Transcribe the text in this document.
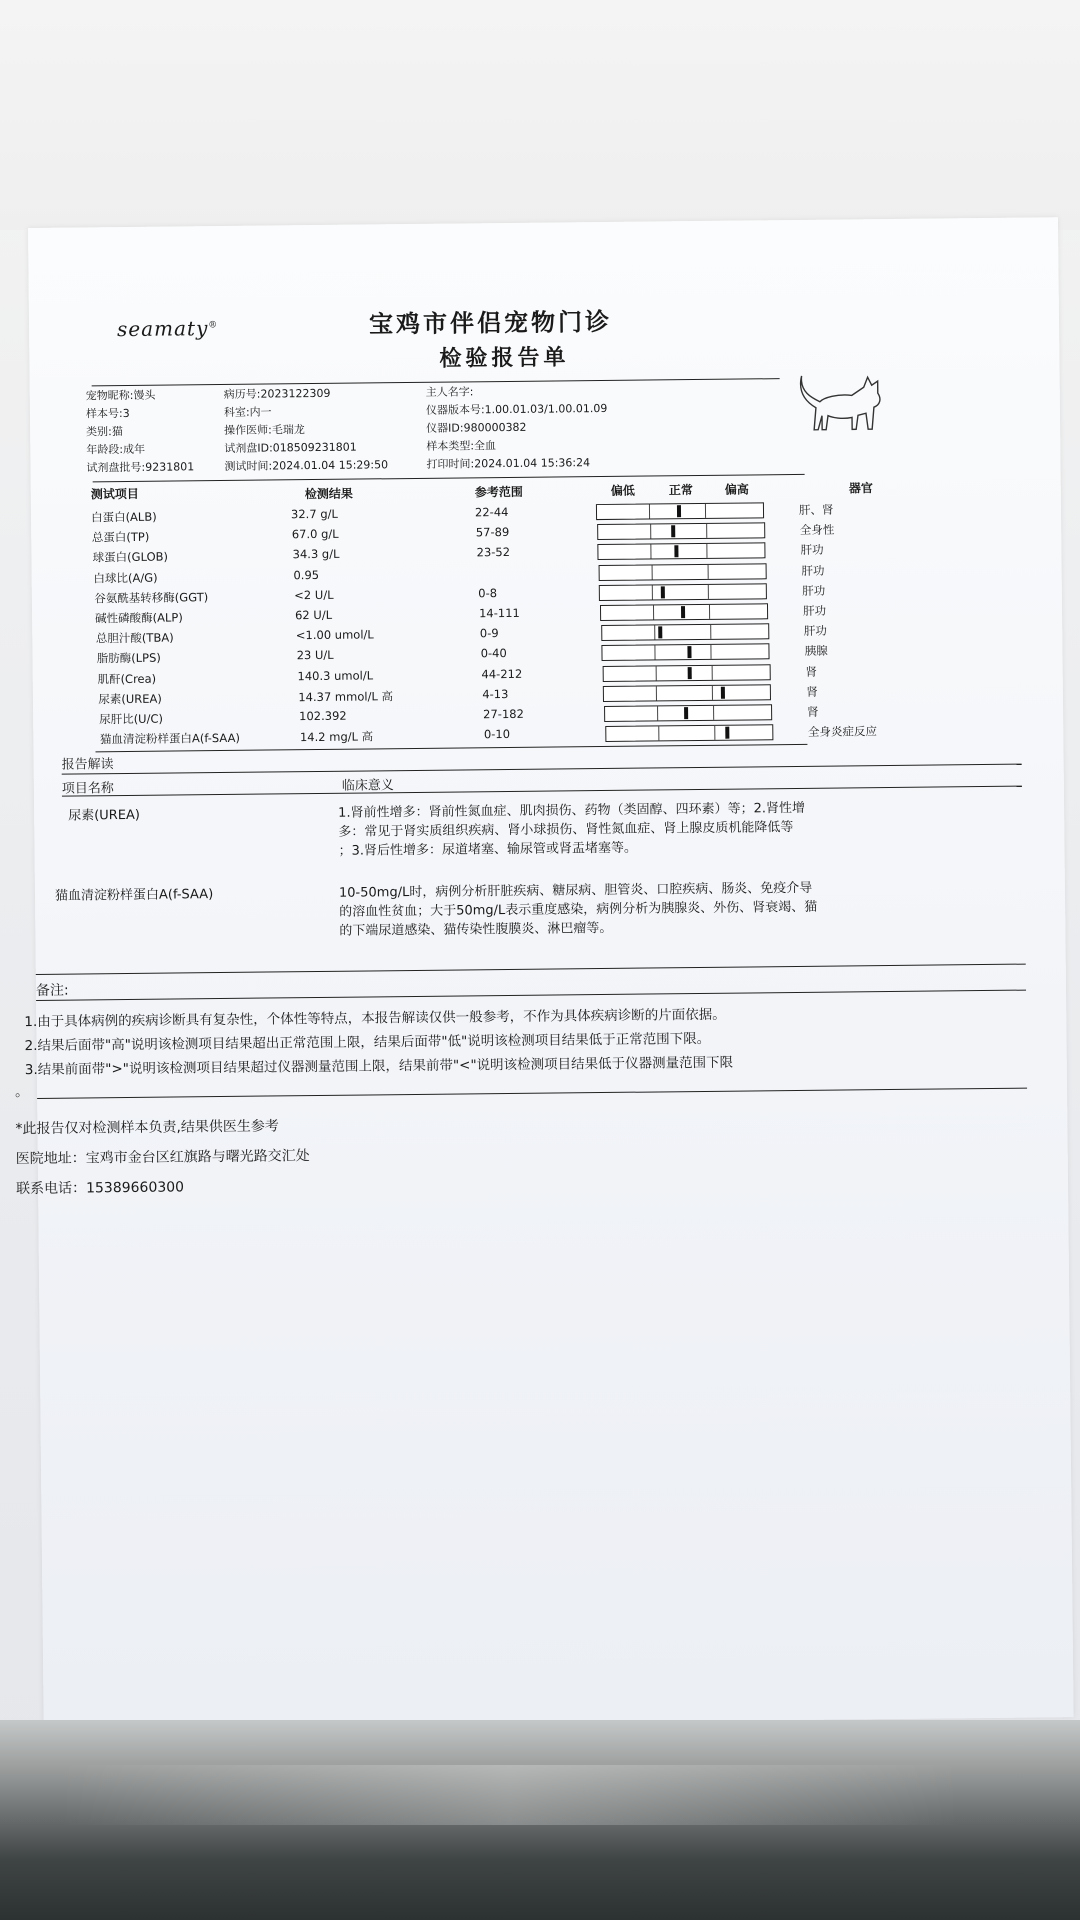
seamaty®	宝鸡市伴侣宠物门诊
检验报告单
宠物昵称:馒头	病历号:2023122309	主人名字:
样本号:3	科室:内一	仪器版本号:1.00.01.03/1.00.01.09
类别:猫	操作医师:毛瑞龙	仪器ID:980000382
年龄段:成年	试剂盘ID:018509231801	样本类型:全血
试剂盘批号:9231801	测试时间:2024.01.04 15:29:50	打印时间:2024.01.04 15:36:24
测试项目	检测结果	参考范围	偏低	正常	偏高	器官
白蛋白(ALB)	32.7 g/L	22-44	肝、肾
总蛋白(TP)	67.0 g/L	57-89	全身性
球蛋白(GLOB)	34.3 g/L	23-52	肝功
白球比(A/G)	0.95	肝功
谷氨酰基转移酶(GGT)	<2 U/L	0-8	肝功
碱性磷酸酶(ALP)	62 U/L	14-111	肝功
总胆汁酸(TBA)	<1.00 umol/L	0-9	肝功
脂肪酶(LPS)	23 U/L	0-40	胰腺
肌酐(Crea)	140.3 umol/L	44-212	肾
尿素(UREA)	14.37 mmol/L 高	4-13	肾
尿肝比(U/C)	102.392	27-182	肾
猫血清淀粉样蛋白A(f-SAA)	14.2 mg/L 高	0-10	全身炎症反应
报告解读
项目名称	临床意义
尿素(UREA)	1.肾前性增多：肾前性氮血症、肌肉损伤、药物（类固醇、四环素）等；2.肾性增
多：常见于肾实质组织疾病、肾小球损伤、肾性氮血症、肾上腺皮质机能降低等
；3.肾后性增多：尿道堵塞、输尿管或肾盂堵塞等。
猫血清淀粉样蛋白A(f-SAA)	10-50mg/L时，病例分析肝脏疾病、糖尿病、胆管炎、口腔疾病、肠炎、免疫介导
的溶血性贫血；大于50mg/L表示重度感染，病例分析为胰腺炎、外伤、肾衰竭、猫
的下端尿道感染、猫传染性腹膜炎、淋巴瘤等。
备注:
1.由于具体病例的疾病诊断具有复杂性，个体性等特点，本报告解读仅供一般参考，不作为具体疾病诊断的片面依据。
2.结果后面带"高"说明该检测项目结果超出正常范围上限，结果后面带"低"说明该检测项目结果低于正常范围下限。
3.结果前面带">"说明该检测项目结果超过仪器测量范围上限，结果前带"<"说明该检测项目结果低于仪器测量范围下限
。
*此报告仅对检测样本负责,结果供医生参考
医院地址：宝鸡市金台区红旗路与曙光路交汇处
联系电话：15389660300
